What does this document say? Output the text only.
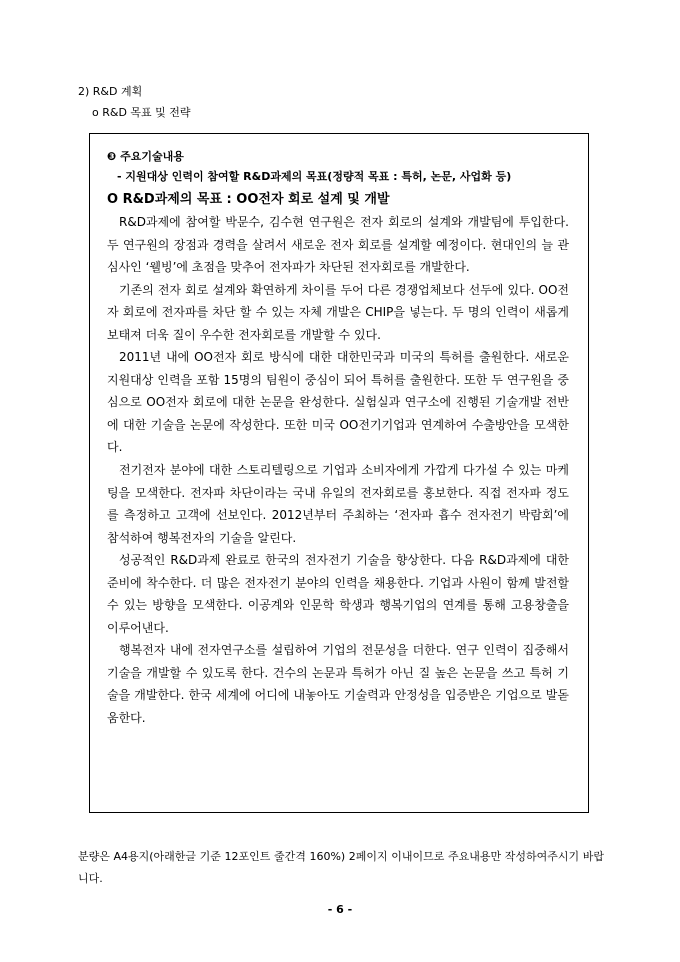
2) R&D 계획
o R&D 목표 및 전략
❸ 주요기술내용
- 지원대상 인력이 참여할 R&D과제의 목표(정량적 목표 : 특허, 논문, 사업화 등)
O R&D과제의 목표 : OO전자 회로 설계 및 개발

R&D과제에 참여할 박문수, 김수현 연구원은 전자 회로의 설계와 개발팀에 투입한다. 두 연구원의 장점과 경력을 살려서 새로운 전자 회로를 설계할 예정이다. 현대인의 늘 관심사인 ‘웰빙’에 초점을 맞추어 전자파가 차단된 전자회로를 개발한다.

기존의 전자 회로 설계와 확연하게 차이를 두어 다른 경쟁업체보다 선두에 있다. OO전자 회로에 전자파를 차단 할 수 있는 자체 개발은 CHIP을 넣는다. 두 명의 인력이 새롭게 보태져 더욱 질이 우수한 전자회로를 개발할 수 있다.

2011년 내에 OO전자 회로 방식에 대한 대한민국과 미국의 특허를 출원한다. 새로운 지원대상 인력을 포함 15명의 팀원이 중심이 되어 특허를 출원한다. 또한 두 연구원을 중심으로 OO전자 회로에 대한 논문을 완성한다. 실험실과 연구소에 진행된 기술개발 전반에 대한 기술을 논문에 작성한다. 또한 미국 OO전기기업과 연계하여 수출방안을 모색한다.

전기전자 분야에 대한 스토리텔링으로 기업과 소비자에게 가깝게 다가설 수 있는 마케팅을 모색한다. 전자파 차단이라는 국내 유일의 전자회로를 홍보한다. 직접 전자파 정도를 측정하고 고객에 선보인다. 2012년부터 주최하는 ‘전자파 흡수 전자전기 박람회’에 참석하여 행복전자의 기술을 알린다.

성공적인 R&D과제 완료로 한국의 전자전기 기술을 향상한다. 다음 R&D과제에 대한 준비에 착수한다. 더 많은 전자전기 분야의 인력을 채용한다. 기업과 사원이 함께 발전할 수 있는 방향을 모색한다. 이공계와 인문학 학생과 행복기업의 연계를 통해 고용창출을 이루어낸다.

행복전자 내에 전자연구소를 설립하여 기업의 전문성을 더한다. 연구 인력이 집중해서 기술을 개발할 수 있도록 한다. 건수의 논문과 특허가 아닌 질 높은 논문을 쓰고 특허 기술을 개발한다. 한국 세계에 어디에 내놓아도 기술력과 안정성을 입증받은 기업으로 발돋움한다.

분량은 A4용지(아래한글 기준 12포인트 줄간격 160%) 2페이지 이내이므로 주요내용만 작성하여주시기 바랍니다.
- 6 -
